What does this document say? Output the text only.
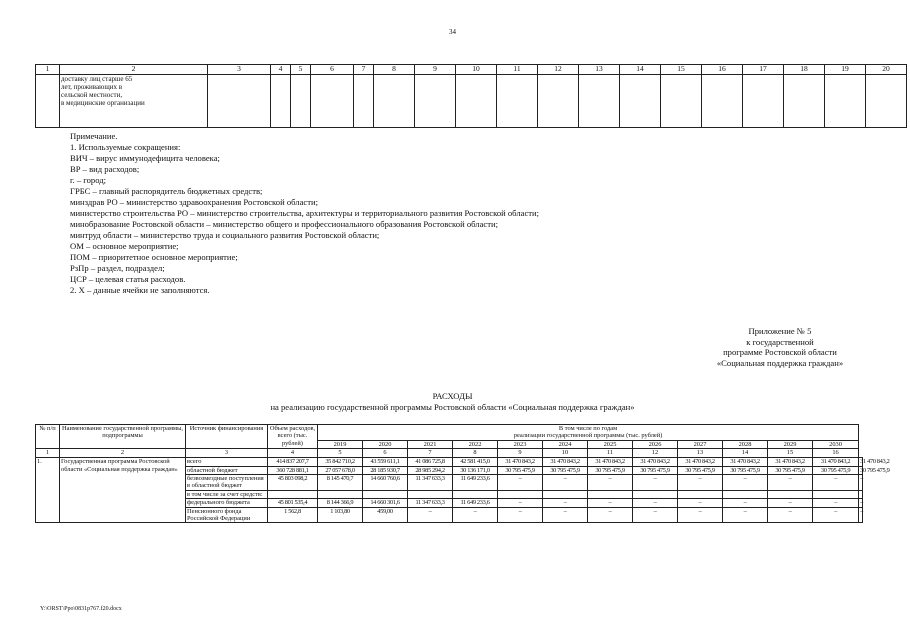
34
1	2	3	4	5	6	7	8	9	10	11	12	13	14	15	16	17	18	19	20

	доставку лиц старше 65
лет, проживающих в
сельской местности,
в медицинские организации																		

Примечание.
1. Используемые сокращения:
ВИЧ – вирус иммунодефицита человека;
ВР – вид расходов;
г. – город;
ГРБС – главный распорядитель бюджетных средств;
минздрав РО – министерство здравоохранения Ростовской области;
министерство строительства РО – министерство строительства, архитектуры и территориального развития Ростовской области;
минобразование Ростовской области – министерство общего и профессионального образования Ростовской области;
минтруд области – министерство труда и социального развития Ростовской области;
ОМ – основное мероприятие;
ПОМ – приоритетное основное мероприятие;
РзПр – раздел, подраздел;
ЦСР – целевая статья расходов.
2. Х – данные ячейки не заполняются.
Приложение № 5
к государственной
программе Ростовской области
«Социальная поддержка граждан»
РАСХОДЫ
на реализацию государственной программы Ростовской области «Социальная поддержка граждан»
№ п/п	Наименование государственной программы, подпрограммы	Источник финансирования	Объем расходов, всего (тыс. рублей)	В том числе по годам
реализации государственной программы (тыс. рублей)												

				2019	2020	2021	2022	2023	2024	2025	2026	2027	2028	2029	2030	
1	2	3	4	5	6	7	8	9	10	11	12	13	14	15	16	
1.	Государственная программа Ростовской области «Социальная поддержка граждан»	всего	414 837 207,7	35 842 710,2	43 559 611,1	41 086 725,8	42 581 415,0	31 470 843,2	31 470 843,2	31 470 843,2	31 470 843,2	31 470 843,2	31 470 843,2	31 470 843,2	31 470 843,2	31 470 843,2
		областной бюджет	360 728 881,1	27 057 678,0	28 185 930,7	28 985 294,2	30 136 171,0	30 795 475,9	30 795 475,9	30 795 475,9	30 795 475,9	30 795 475,9	30 795 475,9	30 795 475,9	30 795 475,9	30 795 475,9
		безвозмездные поступления в областной бюджет	45 803 098,2	8 145 470,7	14 660 760,6	11 347 633,3	11 649 233,6	–	–	–	–	–	–	–	–	–
		в том числе за счет средств:														
		федерального бюджета	45 801 535,4	8 144 366,9	14 660 301,6	11 347 633,3	11 649 233,6	–	–	–	–	–	–	–	–	–
		Пенсионного фонда Российской Федерации	1 562,8	1 103,80	459,00	–	–	–	–	–	–	–	–	–	–	–
Y:\ORST\Ppo\0831p767.f20.docx
